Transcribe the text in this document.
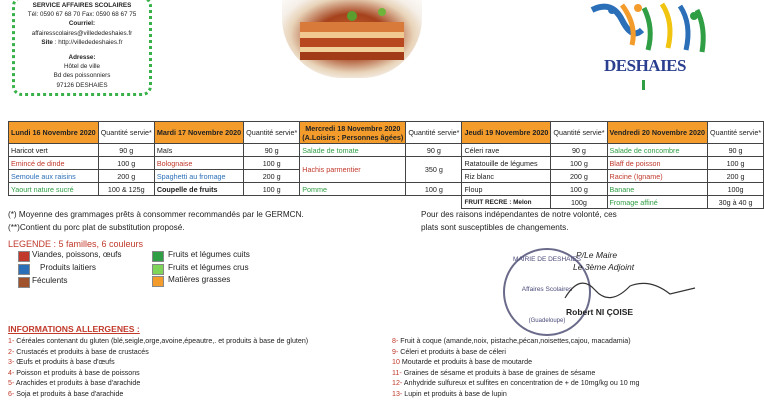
SERVICE AFFAIRES SCOLAIRES
Tél: 0590 67 68 70 Fax: 0590 68 67 75
Courriel:
affairesscolaires@villededeshaies.fr
Site : http://villededeshaies.fr
Adresse:
Hôtel de ville
Bd des poissonniers
97126 DESHAIES
DESHAIES
Lundi 16 Novembre 2020	Quantité servie*	Mardi 17 Novembre 2020	Quantité servie*	Mercredi 18 Novembre 2020
(A.Loisirs ; Personnes âgées)	Quantité servie*	Jeudi 19 Novembre 2020	Quantité servie*	Vendredi 20 Novembre 2020	Quantité servie*
Haricot vert	90 g	Maïs	90 g	Salade de tomate	90 g	Céleri rave	90 g	Salade de concombre	90 g
Emincé de dinde	100 g	Bolognaise	100 g	Hachis parmentier	350 g	Ratatouille de légumes	100 g	Blaff de poisson	100 g
Semoule aux raisins	200 g	Spaghetti au fromage	200 g			Riz blanc	200 g	Racine (Igname)	200 g
Yaourt nature sucré	100 & 125g	Coupelle de fruits	100 g	Pomme	100 g	Floup	100 g	Banane	100g
						FRUIT RECRE : Melon	100g	Fromage affiné	30g à 40 g
(*) Moyenne des grammages prêts à consommer recommandés par le GERMCN.
(**)Contient du porc plat de substitution proposé.
Pour des raisons indépendantes de notre volonté, ces
plats sont susceptibles de changements.
LEGENDE : 5 familles, 6 couleurs
Viandes, poissons, œufs
Produits laitiers
Féculents
Fruits et légumes cuits
Fruits et légumes crus
Matières grasses
MAIRIE DE DESHAIES
Affaires Scolaires
(Guadeloupe)
P/Le Maire
Le 3ème Adjoint
Robert NI ÇOISE
INFORMATIONS ALLERGENES :
1- Céréales contenant du gluten (blé,seigle,orge,avoine,épeautre,. et produits à base de gluten)
2- Crustacés et produits à base de crustacés
3- Œufs et produits à base d'œufs
4- Poisson et produits à base de poissons
5- Arachides et produits à base d'arachide
6- Soja et produits à base d'arachide
8- Fruit à coque (amande,noix, pistache,pécan,noisettes,cajou, macadamia)
9- Céleri et produits à base de céleri
10 Moutarde et produits à base de moutarde
11- Graines de sésame et produits à base de graines de sésame
12- Anhydride sulfureux et sulfites en concentration de + de 10mg/kg ou 10 mg
13- Lupin et produits à base de lupin
